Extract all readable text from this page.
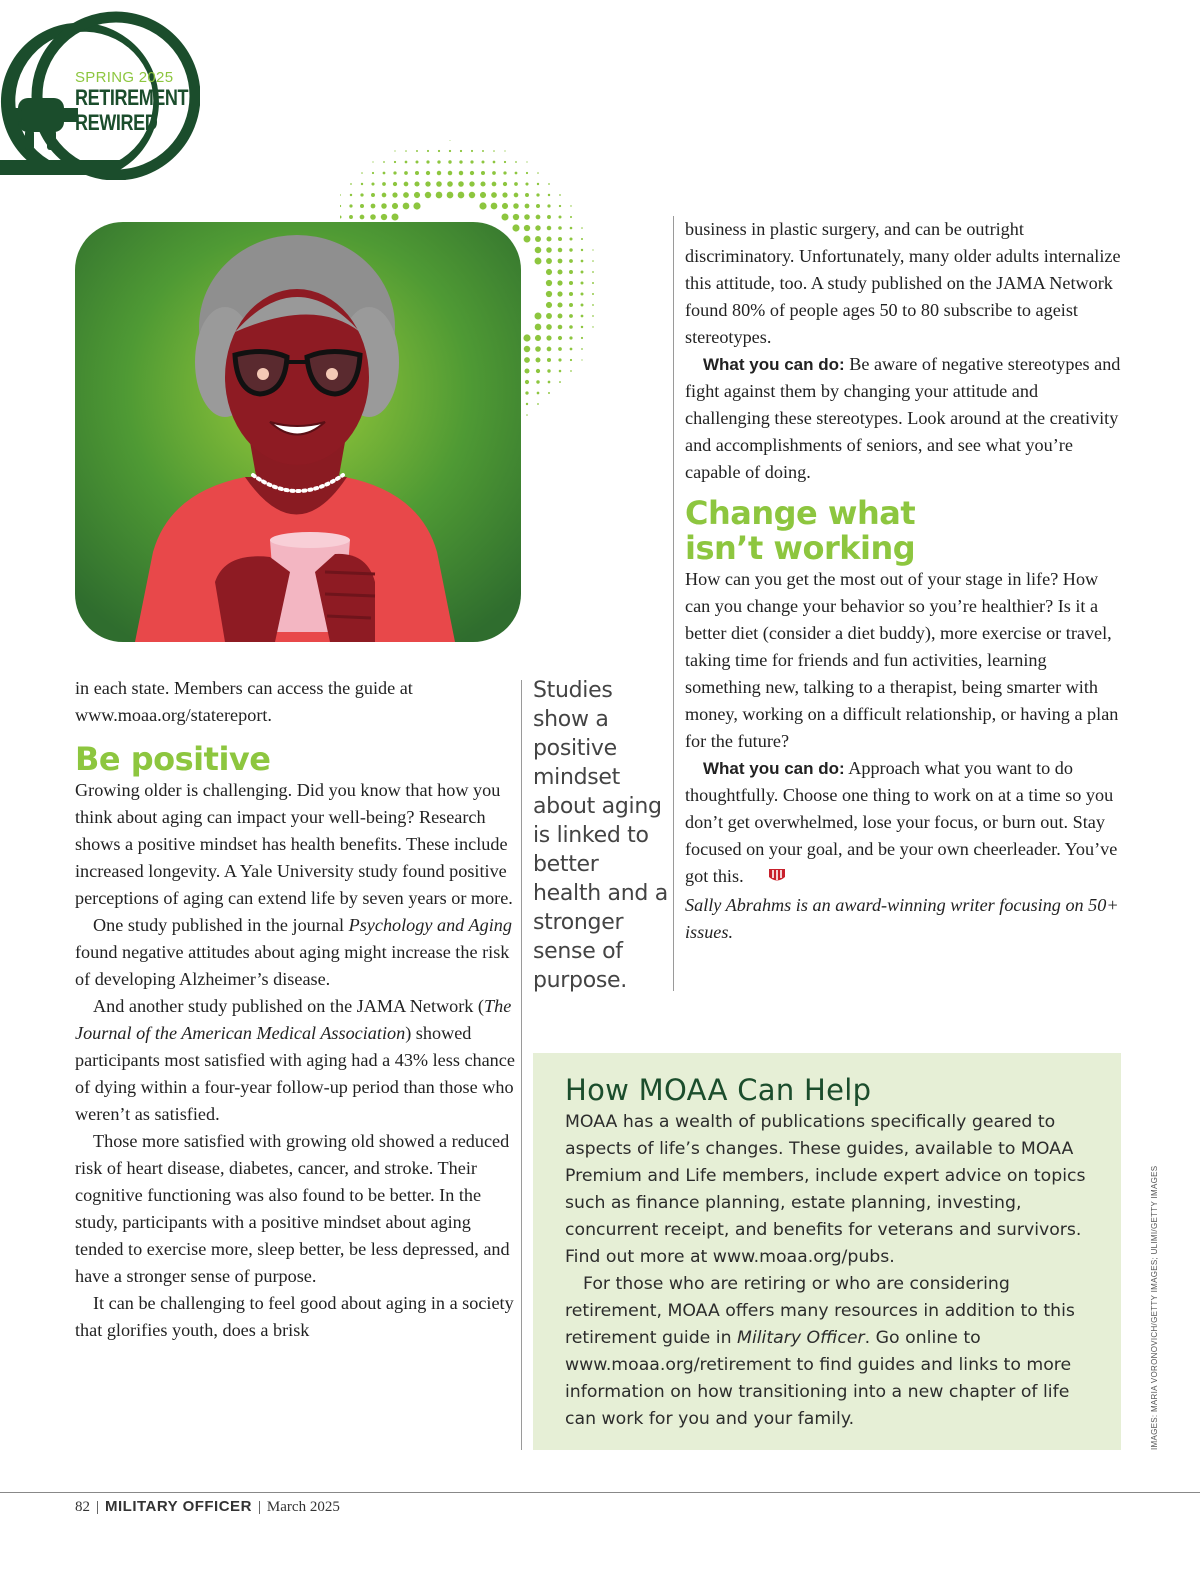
SPRING 2025
RETIREMENT
REWIRED

in each state. Members can access the guide at www.moaa.org/statereport.

Be positive

Growing older is challenging. Did you know that how you think about aging can impact your well-being? Research shows a positive mindset has health benefits. These include increased longevity. A Yale University study found positive perceptions of aging can extend life by seven years or more.

One study published in the journal Psychology and Aging found negative attitudes about aging might increase the risk of developing Alzheimer’s disease.

And another study published on the JAMA Network (The Journal of the American Medical Association) showed participants most satisfied with aging had a 43% less chance of dying within a four-year follow-up period than those who weren’t as satisfied.

Those more satisfied with growing old showed a reduced risk of heart disease, diabetes, cancer, and stroke. Their cognitive functioning was also found to be better. In the study, participants with a positive mindset about aging tended to exercise more, sleep better, be less depressed, and have a stronger sense of purpose.

It can be challenging to feel good about aging in a society that glorifies youth, does a brisk

Studies show a positive mindset about aging is linked to better health and a stronger sense of purpose.

business in plastic surgery, and can be outright discriminatory. Unfortunately, many older adults internalize this attitude, too. A study published on the JAMA Network found 80% of people ages 50 to 80 subscribe to ageist stereotypes.

What you can do: Be aware of negative stereotypes and fight against them by changing your attitude and challenging these stereotypes. Look around at the creativity and accomplishments of seniors, and see what you’re capable of doing.

Change what
isn’t working

How can you get the most out of your stage in life? How can you change your behavior so you’re healthier? Is it a better diet (consider a diet buddy), more exercise or travel, taking time for friends and fun activities, learning something new, talking to a therapist, being smarter with money, working on a difficult relationship, or having a plan for the future?

What you can do: Approach what you want to do thoughtfully. Choose one thing to work on at a time so you don’t get overwhelmed, lose your focus, or burn out. Stay focused on your goal, and be your own cheerleader. You’ve got this.

Sally Abrahms is an award-winning writer focusing on 50+ issues.

How MOAA Can Help

MOAA has a wealth of publications specifically geared to aspects of life’s changes. These guides, available to MOAA Premium and Life members, include expert advice on topics such as finance planning, estate planning, investing, concurrent receipt, and benefits for veterans and survivors. Find out more at www.moaa.org/pubs.

For those who are retiring or who are considering retirement, MOAA offers many resources in addition to this retirement guide in Military Officer. Go online to www.moaa.org/retirement to find guides and links to more information on how transitioning into a new chapter of life can work for you and your family.	IMAGES: MARIA VORONOVICH/GETTY IMAGES; ULIMI/GETTY IMAGES
82 | MILITARY OFFICER | March 2025
